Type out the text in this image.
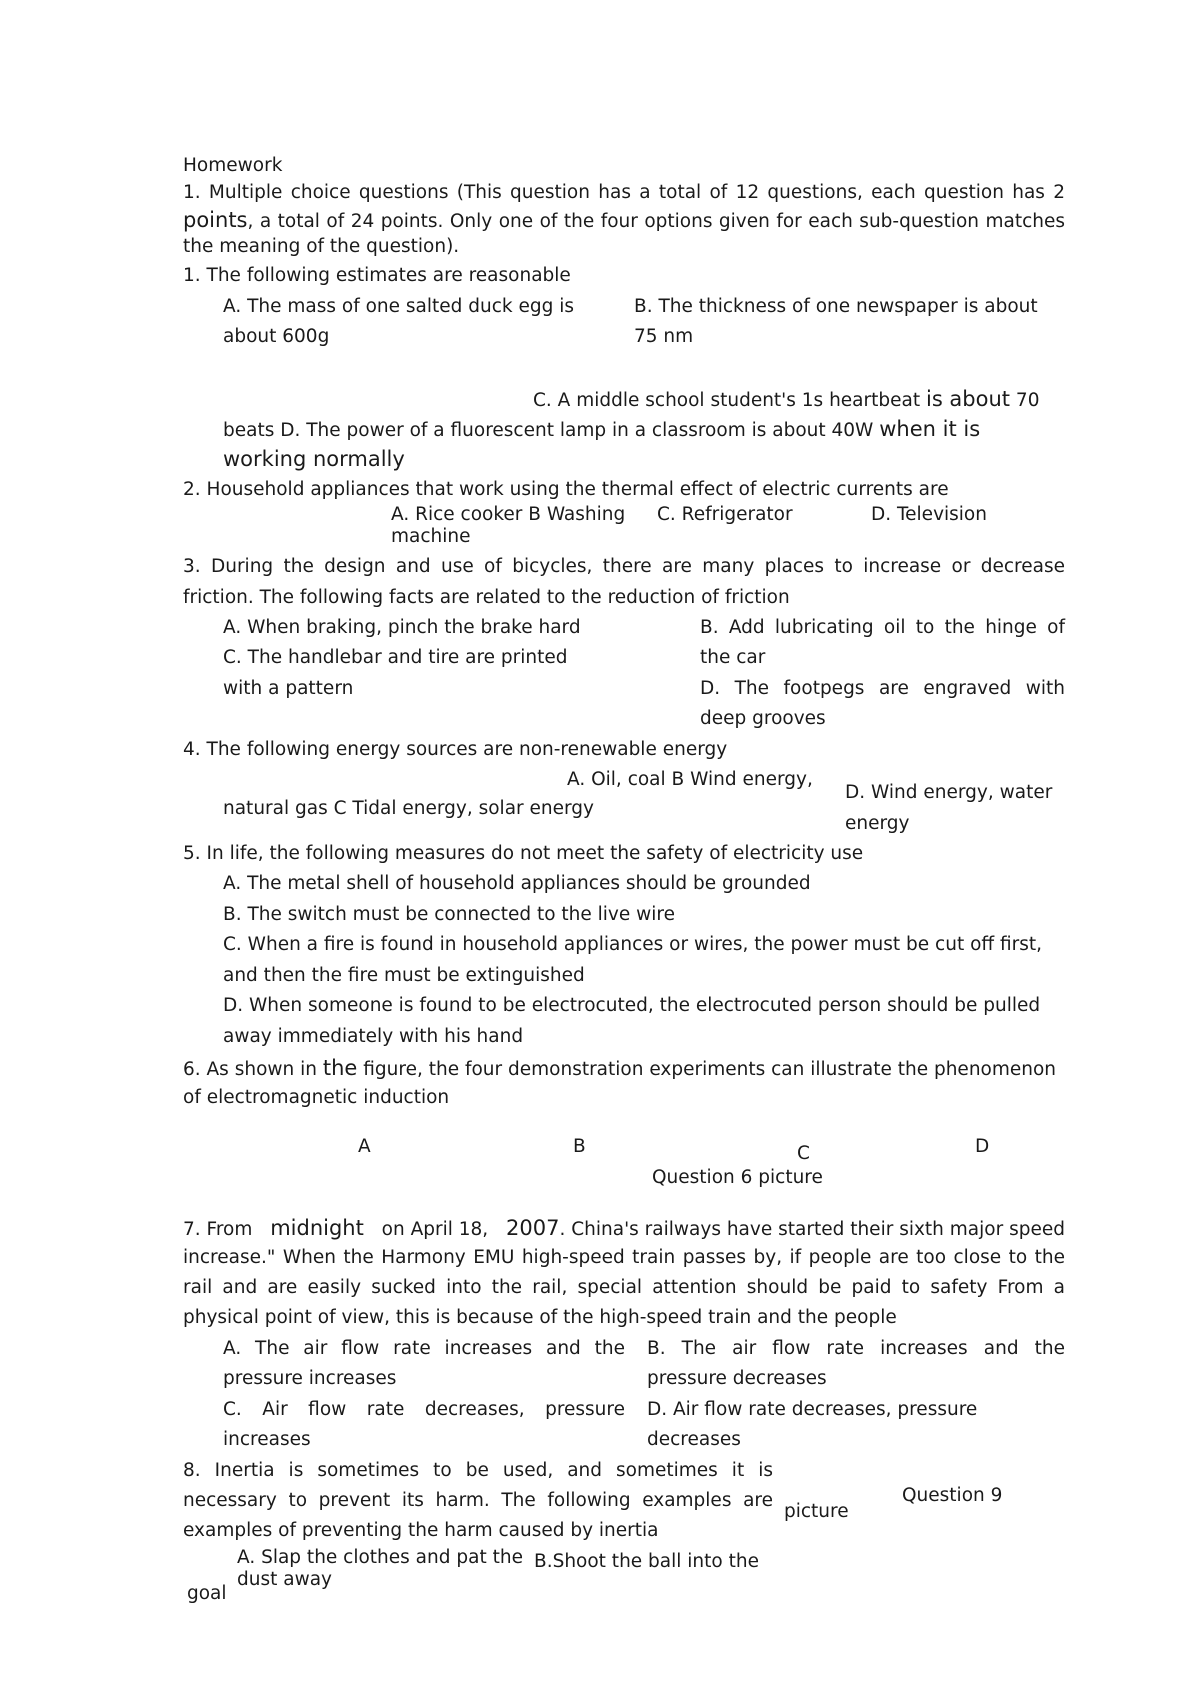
Homework
1. Multiple choice questions (This question has a total of 12 questions, each question has 2
points, a total of 24 points. Only one of the four options given for each sub-question matches
the meaning of the question).
1. The following estimates are reasonable
A. The mass of one salted duck egg is
about 600g
B. The thickness of one newspaper is about
75 nm
C. A middle school student's 1s heartbeat is about 70
beats D. The power of a fluorescent lamp in a classroom is about 40W when it is
working normally
2. Household appliances that work using the thermal effect of electric currents are
A. Rice cooker B Washing
machine
C. Refrigerator	D. Television
3. During the design and use of bicycles, there are many places to increase or decrease
friction. The following facts are related to the reduction of friction
A. When braking, pinch the brake hard	B. Add lubricating oil to the hinge of
the car
C. The handlebar and tire are printed
with a pattern	D. The footpegs are engraved with
deep grooves
4. The following energy sources are non-renewable energy
A. Oil, coal B Wind energy,
natural gas C Tidal energy, solar energy
D. Wind energy, water
energy
5. In life, the following measures do not meet the safety of electricity use
A. The metal shell of household appliances should be grounded
B. The switch must be connected to the live wire
C. When a fire is found in household appliances or wires, the power must be cut off first,
and then the fire must be extinguished
D. When someone is found to be electrocuted, the electrocuted person should be pulled
away immediately with his hand
6. As shown in the figure, the four demonstration experiments can illustrate the phenomenon
of electromagnetic induction
A	B	C	D
Question 6 picture
7. From midnight on April 18, 2007 . China's railways have started their sixth major speed
increase." When the Harmony EMU high-speed train passes by, if people are too close to the
rail and are easily sucked into the rail, special attention should be paid to safety From a
physical point of view, this is because of the high-speed train and the people
A. The air flow rate increases and the
pressure increases
B. The air flow rate increases and the
pressure decreases
C. Air flow rate decreases, pressure
increases
D. Air flow rate decreases, pressure
decreases
8. Inertia is sometimes to be used, and sometimes it is
necessary to prevent its harm. The following examples are
examples of preventing the harm caused by inertia
A. Slap the clothes and pat the
dust away
B.Shoot the ball into the
goal
picture
Question 9
